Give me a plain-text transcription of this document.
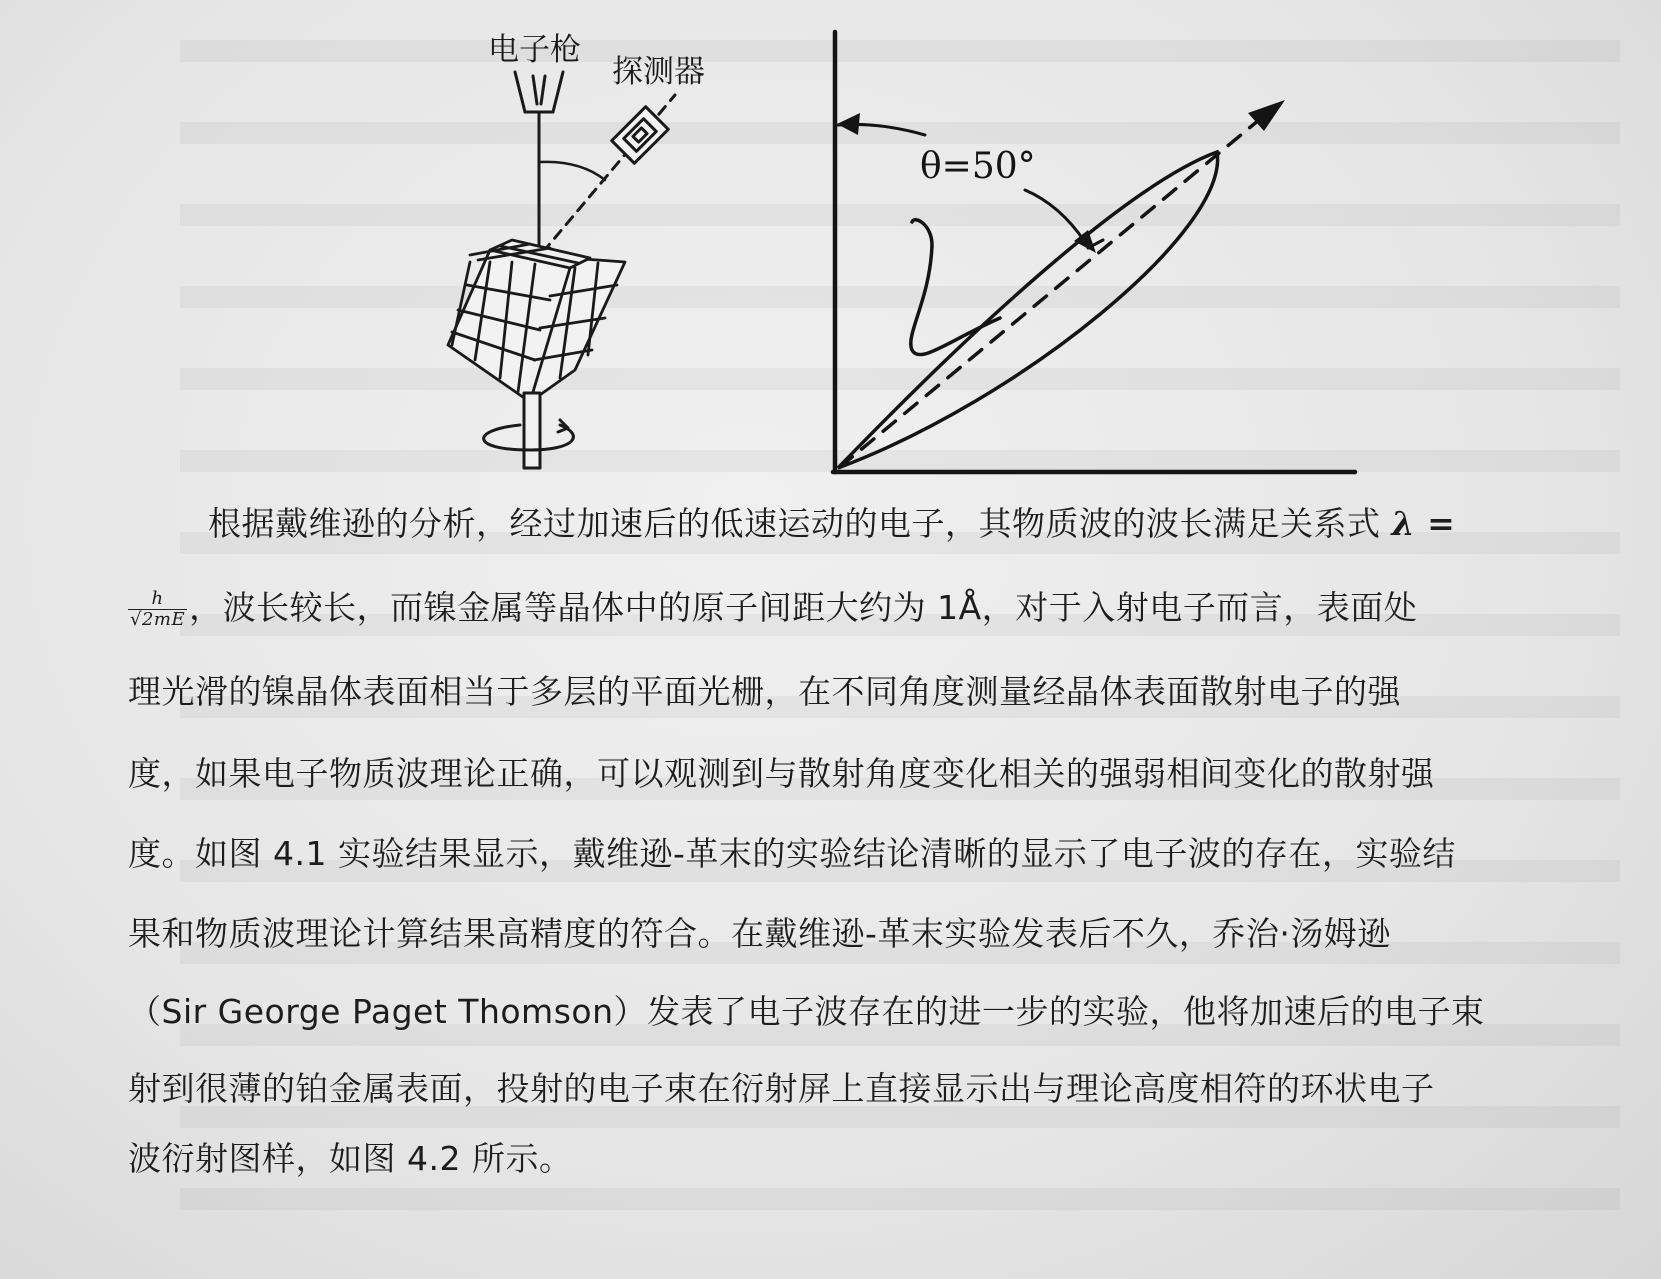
电子枪
探测器
θ=50°
根据戴维逊的分析，经过加速后的低速运动的电子，其物质波的波长满足关系式 λ =
$\frac{h}{√2mE}$ ，波长较长，而镍金属等晶体中的原子间距大约为 1Å，对于入射电子而言，表面处
理光滑的镍晶体表面相当于多层的平面光栅，在不同角度测量经晶体表面散射电子的强
度，如果电子物质波理论正确，可以观测到与散射角度变化相关的强弱相间变化的散射强
度。如图 4.1 实验结果显示，戴维逊-革末的实验结论清晰的显示了电子波的存在，实验结
果和物质波理论计算结果高精度的符合。在戴维逊-革末实验发表后不久，乔治·汤姆逊
（Sir George Paget Thomson）发表了电子波存在的进一步的实验，他将加速后的电子束
射到很薄的铂金属表面，投射的电子束在衍射屏上直接显示出与理论高度相符的环状电子
波衍射图样，如图 4.2 所示。
